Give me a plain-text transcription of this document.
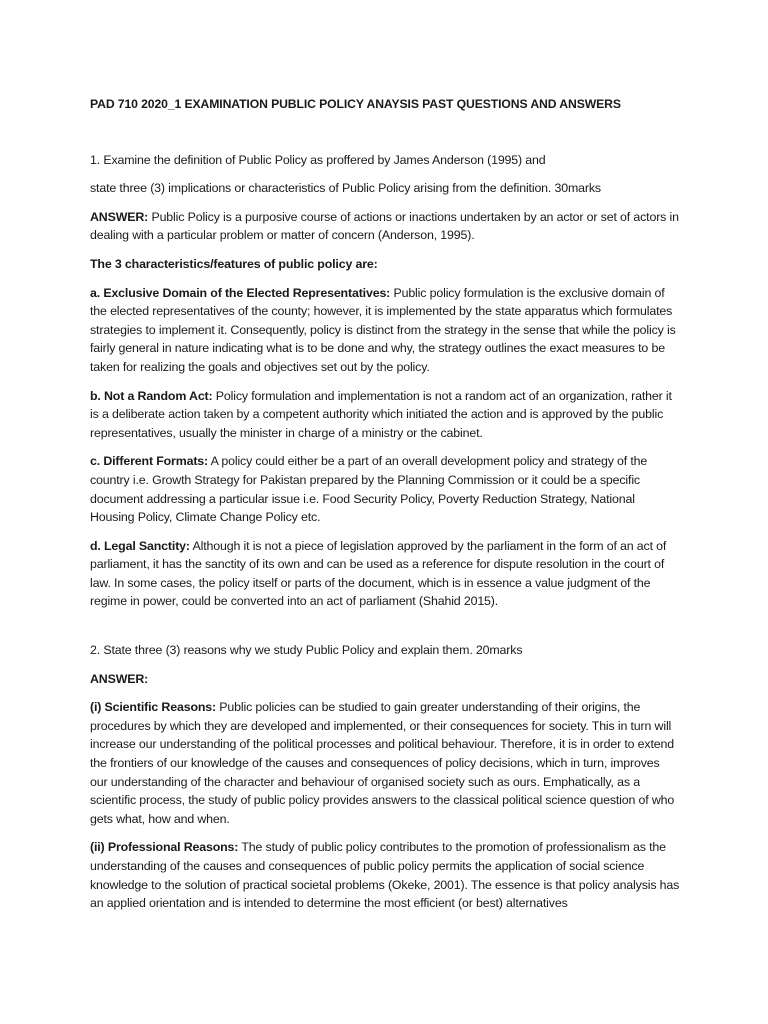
PAD 710 2020_1 EXAMINATION PUBLIC POLICY ANAYSIS PAST QUESTIONS AND ANSWERS

1. Examine the definition of Public Policy as proffered by James Anderson (1995) and

state three (3) implications or characteristics of Public Policy arising from the definition. 30marks

ANSWER: Public Policy is a purposive course of actions or inactions undertaken by an actor or set of actors in dealing with a particular problem or matter of concern (Anderson, 1995).

The 3 characteristics/features of public policy are:

a. Exclusive Domain of the Elected Representatives: Public policy formulation is the exclusive domain of the elected representatives of the county; however, it is implemented by the state apparatus which formulates strategies to implement it. Consequently, policy is distinct from the strategy in the sense that while the policy is fairly general in nature indicating what is to be done and why, the strategy outlines the exact measures to be taken for realizing the goals and objectives set out by the policy.

b. Not a Random Act: Policy formulation and implementation is not a random act of an organization, rather it is a deliberate action taken by a competent authority which initiated the action and is approved by the public representatives, usually the minister in charge of a ministry or the cabinet.

c. Different Formats: A policy could either be a part of an overall development policy and strategy of the country i.e. Growth Strategy for Pakistan prepared by the Planning Commission or it could be a specific document addressing a particular issue i.e. Food Security Policy, Poverty Reduction Strategy, National Housing Policy, Climate Change Policy etc.

d. Legal Sanctity: Although it is not a piece of legislation approved by the parliament in the form of an act of parliament, it has the sanctity of its own and can be used as a reference for dispute resolution in the court of law. In some cases, the policy itself or parts of the document, which is in essence a value judgment of the regime in power, could be converted into an act of parliament (Shahid 2015).

2. State three (3) reasons why we study Public Policy and explain them. 20marks

ANSWER:

(i) Scientific Reasons: Public policies can be studied to gain greater understanding of their origins, the procedures by which they are developed and implemented, or their consequences for society. This in turn will increase our understanding of the political processes and political behaviour. Therefore, it is in order to extend the frontiers of our knowledge of the causes and consequences of policy decisions, which in turn, improves our understanding of the character and behaviour of organised society such as ours. Emphatically, as a scientific process, the study of public policy provides answers to the classical political science question of who gets what, how and when.

(ii) Professional Reasons: The study of public policy contributes to the promotion of professionalism as the understanding of the causes and consequences of public policy permits the application of social science knowledge to the solution of practical societal problems (Okeke, 2001). The essence is that policy analysis has an applied orientation and is intended to determine the most efficient (or best) alternatives
